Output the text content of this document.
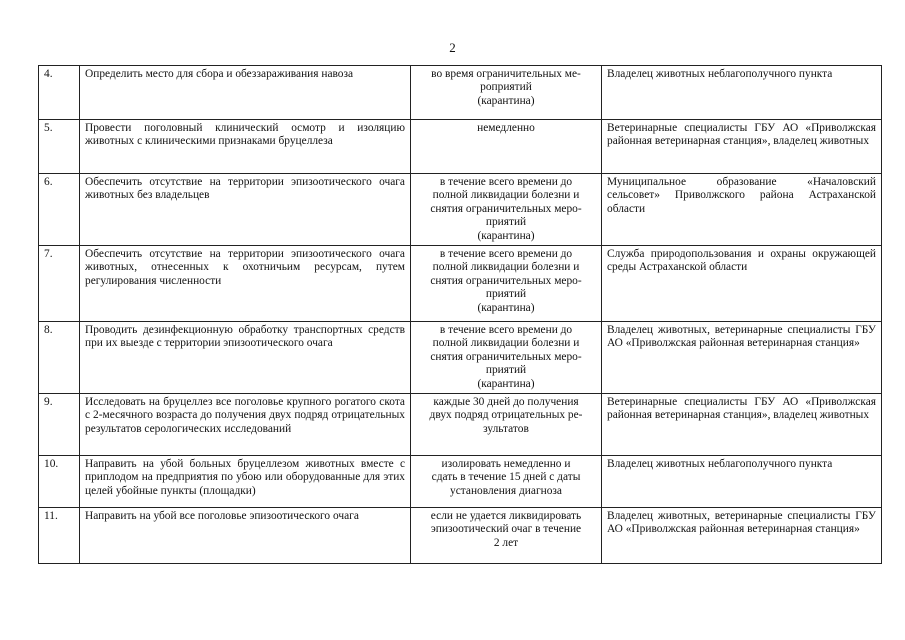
2
4.	Определить место для сбора и обеззараживания навоза	во время ограничительных ме-
роприятий
(карантина)	Владелец животных неблагополучного пункта
5.	Провести поголовный клинический осмотр и изоляцию животных с клиническими признаками бруцеллеза	немедленно	Ветеринарные специалисты ГБУ АО «Приволжская районная ветеринарная станция», владелец животных
6.	Обеспечить отсутствие на территории эпизоотического очага животных без владельцев	в течение всего времени до
полной ликвидации болезни и
снятия ограничительных меро-
приятий
(карантина)	Муниципальное образование «Началовский сельсовет» Приволжского района Астраханской области
7.	Обеспечить отсутствие на территории эпизоотического очага животных, отнесенных к охотничьим ресурсам, путем регулирования численности	в течение всего времени до
полной ликвидации болезни и
снятия ограничительных меро-
приятий
(карантина)	Служба природопользования и охраны окружающей среды Астраханской области
8.	Проводить дезинфекционную обработку транспортных средств при их выезде с территории эпизоотического очага	в течение всего времени до
полной ликвидации болезни и
снятия ограничительных меро-
приятий
(карантина)	Владелец животных, ветеринарные специалисты ГБУ АО «Приволжская районная ветеринарная станция»
9.	Исследовать на бруцеллез все поголовье крупного рогатого скота с 2-месячного возраста до получения двух подряд отрицательных результатов серологических исследований	каждые 30 дней до получения
двух подряд отрицательных ре-
зультатов	Ветеринарные специалисты ГБУ АО «Приволжская районная ветеринарная станция», владелец животных
10.	Направить на убой больных бруцеллезом животных вместе с приплодом на предприятия по убою или оборудованные для этих целей убойные пункты (площадки)	изолировать немедленно и
сдать в течение 15 дней с даты
установления диагноза	Владелец животных неблагополучного пункта
11.	Направить на убой все поголовье эпизоотического очага	если не удается ликвидировать
эпизоотический очаг в течение
2 лет	Владелец животных, ветеринарные специалисты ГБУ АО «Приволжская районная ветеринарная станция»
